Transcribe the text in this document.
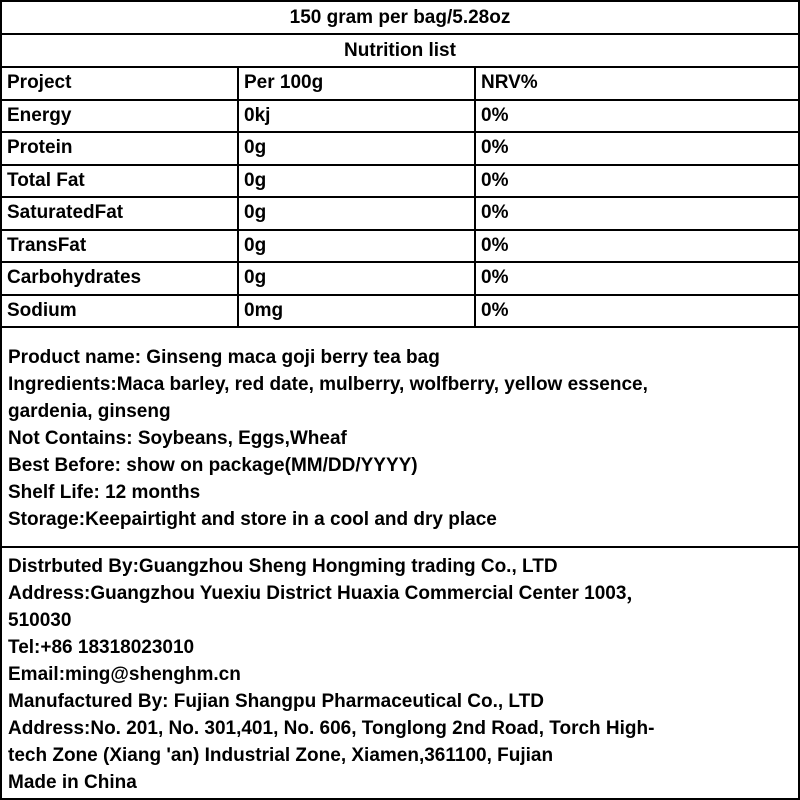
150 gram per bag/5.28oz
Nutrition list
Project	Per 100g	NRV%
Energy	0kj	0%
Protein	0g	0%
Total Fat	0g	0%
SaturatedFat	0g	0%
TransFat	0g	0%
Carbohydrates	0g	0%
Sodium	0mg	0%
Product name: Ginseng maca goji berry tea bag
Ingredients:Maca barley, red date, mulberry, wolfberry, yellow essence,
gardenia, ginseng
Not Contains: Soybeans, Eggs,Wheaf
Best Before: show on package(MM/DD/YYYY)
Shelf Life: 12 months
Storage:Keepairtight and store in a cool and dry place
Distrbuted By:Guangzhou Sheng Hongming trading Co., LTD
Address:Guangzhou Yuexiu District Huaxia Commercial Center 1003，
510030
Tel:+86 18318023010
Email:ming@shenghm.cn
Manufactured By: Fujian Shangpu Pharmaceutical Co., LTD
Address:No. 201, No. 301,401, No. 606, Tonglong 2nd Road, Torch High-
tech Zone (Xiang 'an) Industrial Zone, Xiamen,361100, Fujian
Made in China
